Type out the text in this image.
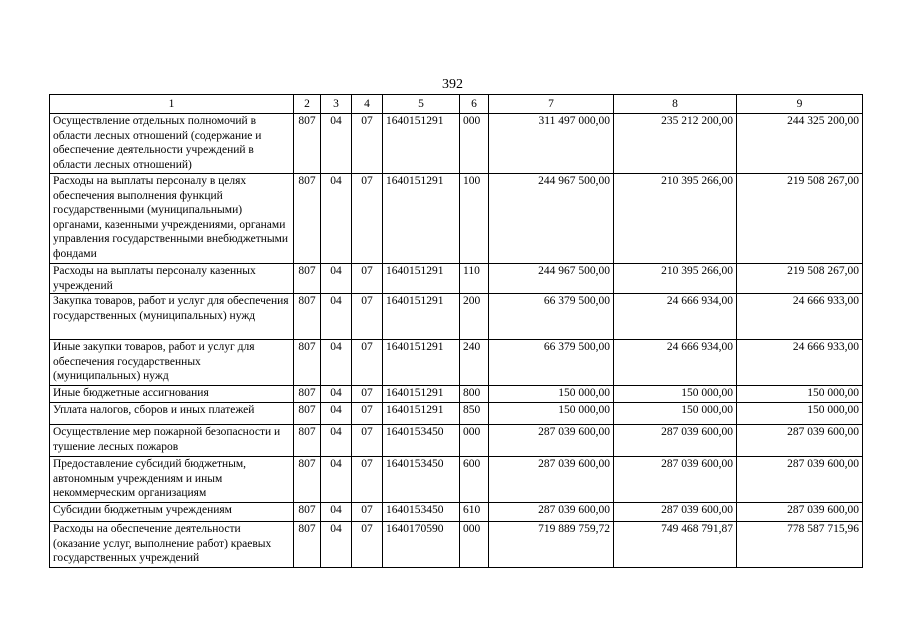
392
1	2	3	4	5	6	7	8	9
Осуществление отдельных полномочий в области лесных отношений (содержание и обеспечение деятельности учреждений в области лесных отношений)	807	04	07	1640151291	000	311 497 000,00	235 212 200,00	244 325 200,00
Расходы на выплаты персоналу в целях обеспечения выполнения функций государственными (муниципальными) органами, казенными учреждениями, органами управления государственными внебюджетными фондами	807	04	07	1640151291	100	244 967 500,00	210 395 266,00	219 508 267,00
Расходы на выплаты персоналу казенных учреждений	807	04	07	1640151291	110	244 967 500,00	210 395 266,00	219 508 267,00
Закупка товаров, работ и услуг для обеспечения государственных (муниципальных) нужд	807	04	07	1640151291	200	66 379 500,00	24 666 934,00	24 666 933,00
Иные закупки товаров, работ и услуг для обеспечения государственных (муниципальных) нужд	807	04	07	1640151291	240	66 379 500,00	24 666 934,00	24 666 933,00
Иные бюджетные ассигнования	807	04	07	1640151291	800	150 000,00	150 000,00	150 000,00
Уплата налогов, сборов и иных платежей	807	04	07	1640151291	850	150 000,00	150 000,00	150 000,00
Осуществление мер пожарной безопасности и тушение лесных пожаров	807	04	07	1640153450	000	287 039 600,00	287 039 600,00	287 039 600,00
Предоставление субсидий бюджетным, автономным учреждениям и иным некоммерческим организациям	807	04	07	1640153450	600	287 039 600,00	287 039 600,00	287 039 600,00
Субсидии бюджетным учреждениям	807	04	07	1640153450	610	287 039 600,00	287 039 600,00	287 039 600,00
Расходы на обеспечение деятельности (оказание услуг, выполнение работ) краевых государственных учреждений	807	04	07	1640170590	000	719 889 759,72	749 468 791,87	778 587 715,96
